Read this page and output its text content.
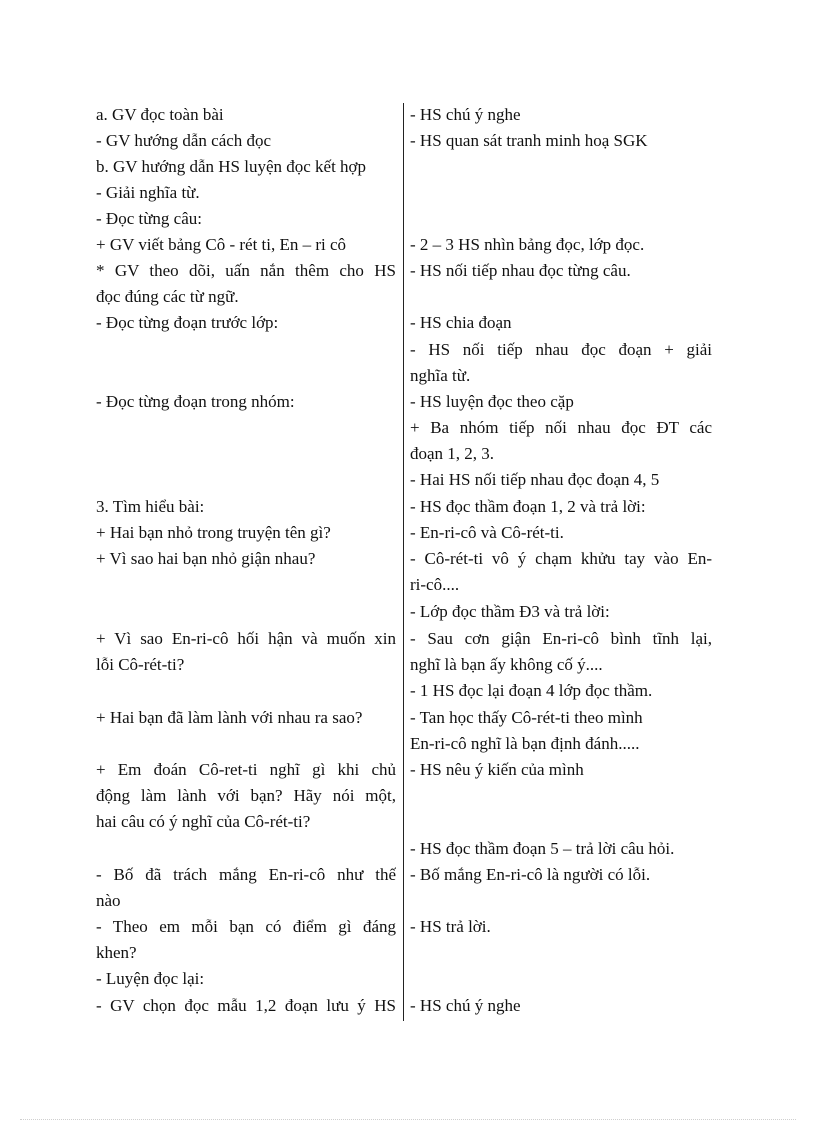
a. GV đọc toàn bài
- GV hướng dẫn cách đọc
b. GV hướng dẫn HS luyện đọc kết hợp
- Giải nghĩa từ.
- Đọc từng câu:
+ GV viết bảng Cô - rét ti, En – ri cô
* GV theo dõi, uấn nắn thêm cho HS
đọc đúng các từ ngữ.
- Đọc từng đoạn trước lớp:
- Đọc từng đoạn trong nhóm:
3. Tìm hiểu bài:
+ Hai bạn nhỏ trong truyện tên gì?
+ Vì sao hai bạn nhỏ giận nhau?
+ Vì sao En-ri-cô hối hận và muốn xin
lỗi Cô-rét-ti?
+ Hai bạn đã làm lành với nhau ra sao?
+ Em đoán Cô-ret-ti nghĩ gì khi chủ
động làm lành với bạn? Hãy nói một,
hai câu có ý nghĩ của Cô-rét-ti?
- Bố đã trách mắng En-ri-cô như thế
nào
- Theo em mỗi bạn có điểm gì đáng
khen?
- Luyện đọc lại:
- GV chọn đọc mẫu 1,2 đoạn lưu ý HS
- HS chú ý nghe
- HS quan sát tranh minh hoạ SGK
- 2 – 3 HS nhìn bảng đọc, lớp đọc.
- HS nối tiếp nhau đọc từng câu.
- HS chia đoạn
- HS nối tiếp nhau đọc đoạn + giải
nghĩa từ.
- HS luyện đọc theo cặp
+ Ba nhóm tiếp nối nhau đọc ĐT các
đoạn 1, 2, 3.
- Hai HS nối tiếp nhau đọc đoạn 4, 5
- HS đọc thầm đoạn 1, 2 và trả lời:
- En-ri-cô và Cô-rét-ti.
- Cô-rét-ti vô ý chạm khửu tay vào En-
ri-cô....
- Lớp đọc thầm Đ3 và trả lời:
- Sau cơn giận En-ri-cô bình tĩnh lại,
nghĩ là bạn ấy không cố ý....
- 1 HS đọc lại đoạn 4 lớp đọc thầm.
- Tan học thấy Cô-rét-ti theo mình
En-ri-cô nghĩ là bạn định đánh.....
- HS nêu ý kiến của mình
- HS đọc thầm đoạn 5 – trả lời câu hỏi.
- Bố mắng En-ri-cô là người có lỗi.
- HS trả lời.
- HS chú ý nghe
